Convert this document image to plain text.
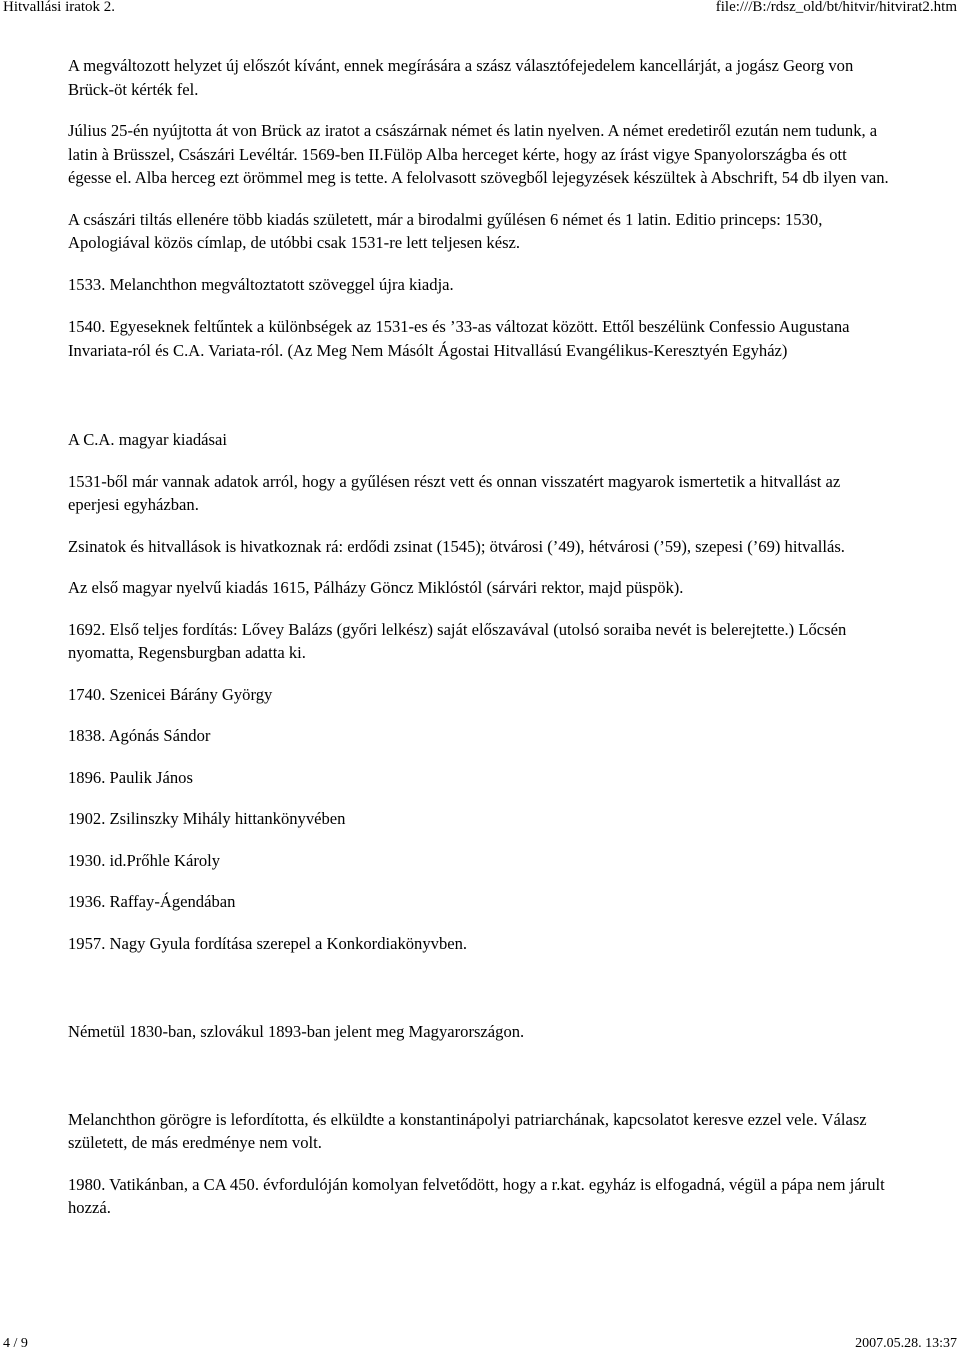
Hitvallási iratok 2.	file:///B:/rdsz_old/bt/hitvir/hitvirat2.htm

A megváltozott helyzet új előszót kívánt, ennek megírására a szász választófejedelem kancellárját, a jogász Georg von Brück-öt kérték fel.

Július 25-én nyújtotta át von Brück az iratot a császárnak német és latin nyelven. A német eredetiről ezután nem tudunk, a latin à Brüsszel, Császári Levéltár. 1569-ben II.Fülöp Alba herceget kérte, hogy az írást vigye Spanyolországba és ott égesse el. Alba herceg ezt örömmel meg is tette. A felolvasott szövegből lejegyzések készültek à Abschrift, 54 db ilyen van.

A császári tiltás ellenére több kiadás született, már a birodalmi gyűlésen 6 német és 1 latin. Editio princeps: 1530, Apologiával közös címlap, de utóbbi csak 1531-re lett teljesen kész.

1533. Melanchthon megváltoztatott szöveggel újra kiadja.

1540. Egyeseknek feltűntek a különbségek az 1531-es és ’33-as változat között. Ettől beszélünk Confessio Augustana Invariata-ról és C.A. Variata-ról. (Az Meg Nem Másólt Ágostai Hitvallású Evangélikus-Keresztyén Egyház)

A C.A. magyar kiadásai

1531-ből már vannak adatok arról, hogy a gyűlésen részt vett és onnan visszatért magyarok ismertetik a hitvallást az eperjesi egyházban.

Zsinatok és hitvallások is hivatkoznak rá: erdődi zsinat (1545); ötvárosi (’49), hétvárosi (’59), szepesi (’69) hitvallás.

Az első magyar nyelvű kiadás 1615, Pálházy Göncz Miklóstól (sárvári rektor, majd püspök).

1692. Első teljes fordítás: Lővey Balázs (győri lelkész) saját előszavával (utolsó soraiba nevét is belerejtette.) Lőcsén nyomatta, Regensburgban adatta ki.

1740. Szenicei Bárány György

1838. Agónás Sándor

1896. Paulik János

1902. Zsilinszky Mihály hittankönyvében

1930. id.Prőhle Károly

1936. Raffay-Ágendában

1957. Nagy Gyula fordítása szerepel a Konkordiakönyvben.

Németül 1830-ban, szlovákul 1893-ban jelent meg Magyarországon.

Melanchthon görögre is lefordította, és elküldte a konstantinápolyi patriarchának, kapcsolatot keresve ezzel vele. Válasz született, de más eredménye nem volt.

1980. Vatikánban, a CA 450. évfordulóján komolyan felvetődött, hogy a r.kat. egyház is elfogadná, végül a pápa nem járult hozzá.

4 / 9	2007.05.28. 13:37
